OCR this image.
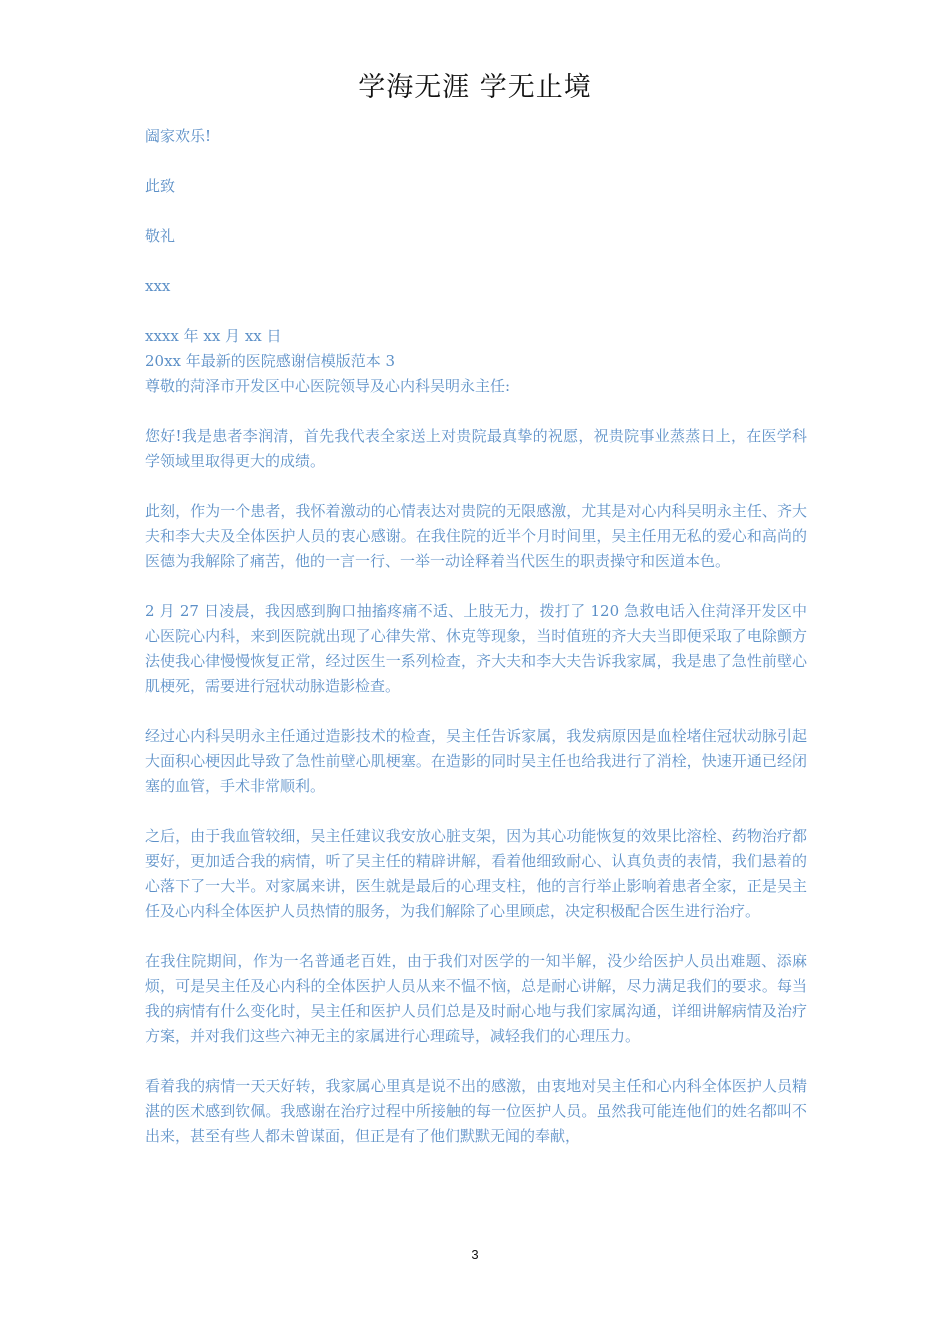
学海无涯 学无止境

阖家欢乐!

此致

敬礼

xxx

xxxx 年 xx 月 xx 日

20xx 年最新的医院感谢信模版范本 3

尊敬的菏泽市开发区中心医院领导及心内科吴明永主任:

您好!我是患者李润清，首先我代表全家送上对贵院最真挚的祝愿，祝贵院事业蒸蒸日上，在医学科学领域里取得更大的成绩。

此刻，作为一个患者，我怀着激动的心情表达对贵院的无限感激，尤其是对心内科吴明永主任、齐大夫和李大夫及全体医护人员的衷心感谢。在我住院的近半个月时间里，吴主任用无私的爱心和高尚的医德为我解除了痛苦，他的一言一行、一举一动诠释着当代医生的职责操守和医道本色。

2 月 27 日凌晨，我因感到胸口抽搐疼痛不适、上肢无力，拨打了 120 急救电话入住菏泽开发区中心医院心内科，来到医院就出现了心律失常、休克等现象，当时值班的齐大夫当即便采取了电除颤方法使我心律慢慢恢复正常，经过医生一系列检查，齐大夫和李大夫告诉我家属，我是患了急性前壁心肌梗死，需要进行冠状动脉造影检查。

经过心内科吴明永主任通过造影技术的检查，吴主任告诉家属，我发病原因是血栓堵住冠状动脉引起大面积心梗因此导致了急性前壁心肌梗塞。在造影的同时吴主任也给我进行了消栓，快速开通已经闭塞的血管，手术非常顺利。

之后，由于我血管较细，吴主任建议我安放心脏支架，因为其心功能恢复的效果比溶栓、药物治疗都要好，更加适合我的病情，听了吴主任的精辟讲解，看着他细致耐心、认真负责的表情，我们悬着的心落下了一大半。对家属来讲，医生就是最后的心理支柱，他的言行举止影响着患者全家，正是吴主任及心内科全体医护人员热情的服务，为我们解除了心里顾虑，决定积极配合医生进行治疗。

在我住院期间，作为一名普通老百姓，由于我们对医学的一知半解，没少给医护人员出难题、添麻烦，可是吴主任及心内科的全体医护人员从来不愠不恼，总是耐心讲解，尽力满足我们的要求。每当我的病情有什么变化时，吴主任和医护人员们总是及时耐心地与我们家属沟通，详细讲解病情及治疗方案，并对我们这些六神无主的家属进行心理疏导，减轻我们的心理压力。

看着我的病情一天天好转，我家属心里真是说不出的感激，由衷地对吴主任和心内科全体医护人员精湛的医术感到钦佩。我感谢在治疗过程中所接触的每一位医护人员。虽然我可能连他们的姓名都叫不出来，甚至有些人都未曾谋面，但正是有了他们默默无闻的奉献，

3
